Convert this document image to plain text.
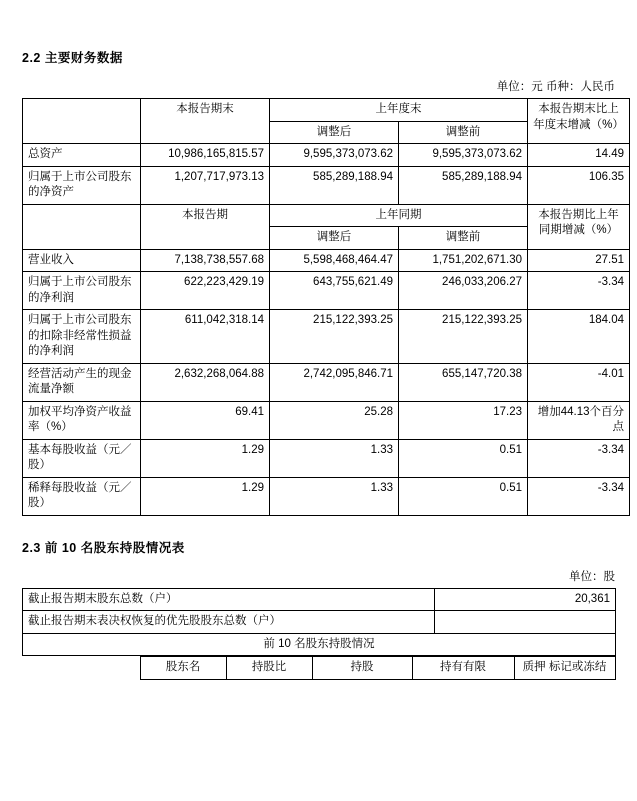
2.2 主要财务数据
单位：元 币种：人民币
	本报告期末	上年度末		本报告期末比上年度末增减（%）
		调整后	调整前	
总资产	10,986,165,815.57	9,595,373,073.62	9,595,373,073.62	14.49
归属于上市公司股东的净资产	1,207,717,973.13	585,289,188.94	585,289,188.94	106.35
	本报告期	上年同期		本报告期比上年同期增减（%）
		调整后	调整前	
营业收入	7,138,738,557.68	5,598,468,464.47	1,751,202,671.30	27.51
归属于上市公司股东的净利润	622,223,429.19	643,755,621.49	246,033,206.27	-3.34
归属于上市公司股东的扣除非经常性损益的净利润	611,042,318.14	215,122,393.25	215,122,393.25	184.04
经营活动产生的现金流量净额	2,632,268,064.88	2,742,095,846.71	655,147,720.38	-4.01
加权平均净资产收益率（%）	69.41	25.28	17.23	增加44.13个百分点
基本每股收益（元／股）	1.29	1.33	0.51	-3.34
稀释每股收益（元／股）	1.29	1.33	0.51	-3.34
2.3 前 10 名股东持股情况表
单位：股
截止报告期末股东总数（户）	20,361
截止报告期末表决权恢复的优先股股东总数（户）	
前 10 名股东持股情况	
	股东名	持股比	持股	持有有限	质押 标记或冻结
